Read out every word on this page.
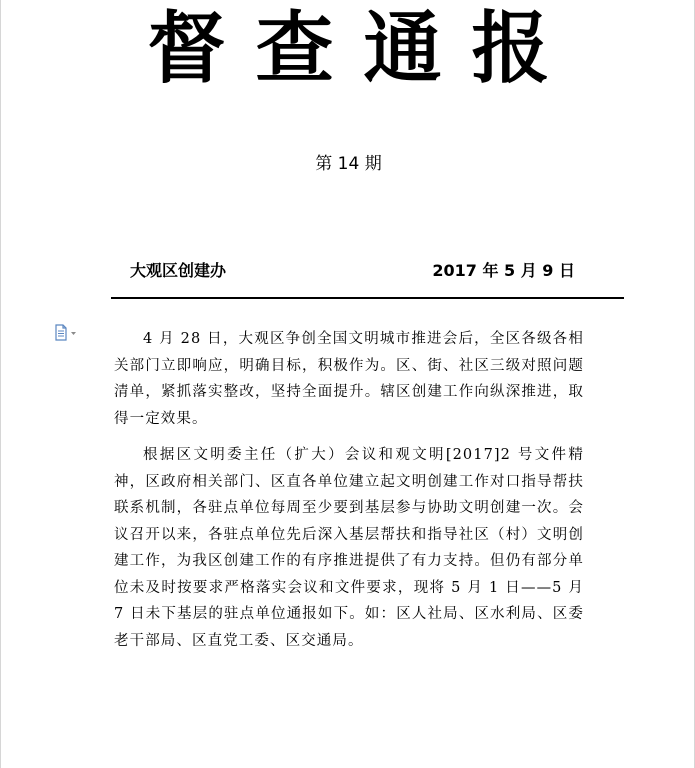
督查通报
第 14 期
大观区创建办	2017 年 5 月 9 日

4 月 28 日，大观区争创全国文明城市推进会后，全区各级各相关部门立即响应，明确目标，积极作为。区、街、社区三级对照问题清单，紧抓落实整改，坚持全面提升。辖区创建工作向纵深推进，取得一定效果。

根据区文明委主任（扩大）会议和观文明[2017]2 号文件精神，区政府相关部门、区直各单位建立起文明创建工作对口指导帮扶联系机制，各驻点单位每周至少要到基层参与协助文明创建一次。会议召开以来，各驻点单位先后深入基层帮扶和指导社区（村）文明创建工作，为我区创建工作的有序推进提供了有力支持。但仍有部分单位未及时按要求严格落实会议和文件要求，现将 5 月 1 日——5 月 7 日未下基层的驻点单位通报如下。如：区人社局、区水利局、区委老干部局、区直党工委、区交通局。
